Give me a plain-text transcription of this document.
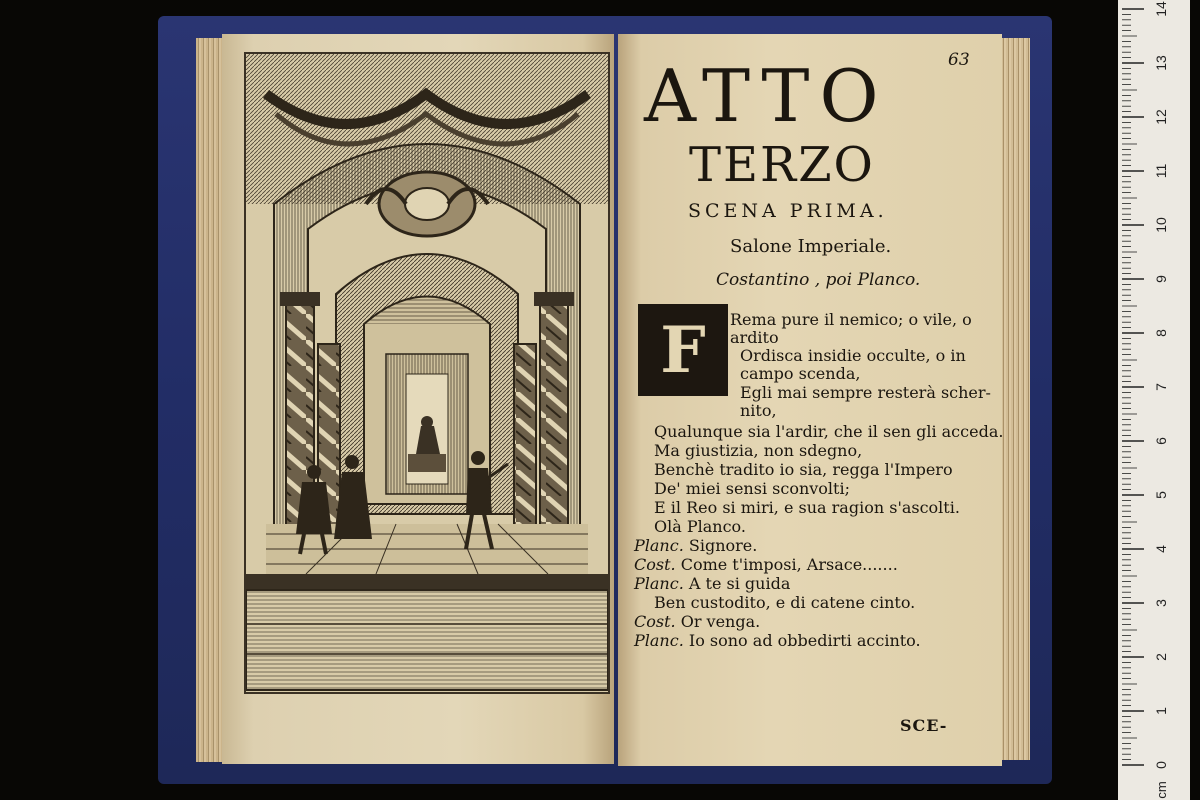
63
ATTO
TERZO
SCENA PRIMA.
Salone Imperiale.
Costantino , poi Planco.
F	Rema pure il nemico; o vile, o
ardito
Ordisca insidie occulte, o in
campo scenda,
Egli mai sempre resterà scher-
nito,
Qualunque sia l'ardir, che il sen gli acceda.
Ma giustizia, non sdegno,
Benchè tradito io sia, regga l'Impero
De' miei sensi sconvolti;
E il Reo si miri, e sua ragion s'ascolti.
Olà Planco.
Planc. Signore.
Cost. Come t'imposi, Arsace.......
Planc. A te si guida
Ben custodito, e di catene cinto.
Cost. Or venga.
Planc. Io sono ad obbedirti accinto.
SCE-
0
1
2
3
4
5
6
7
8
9
10
11
12
13
14
cm
